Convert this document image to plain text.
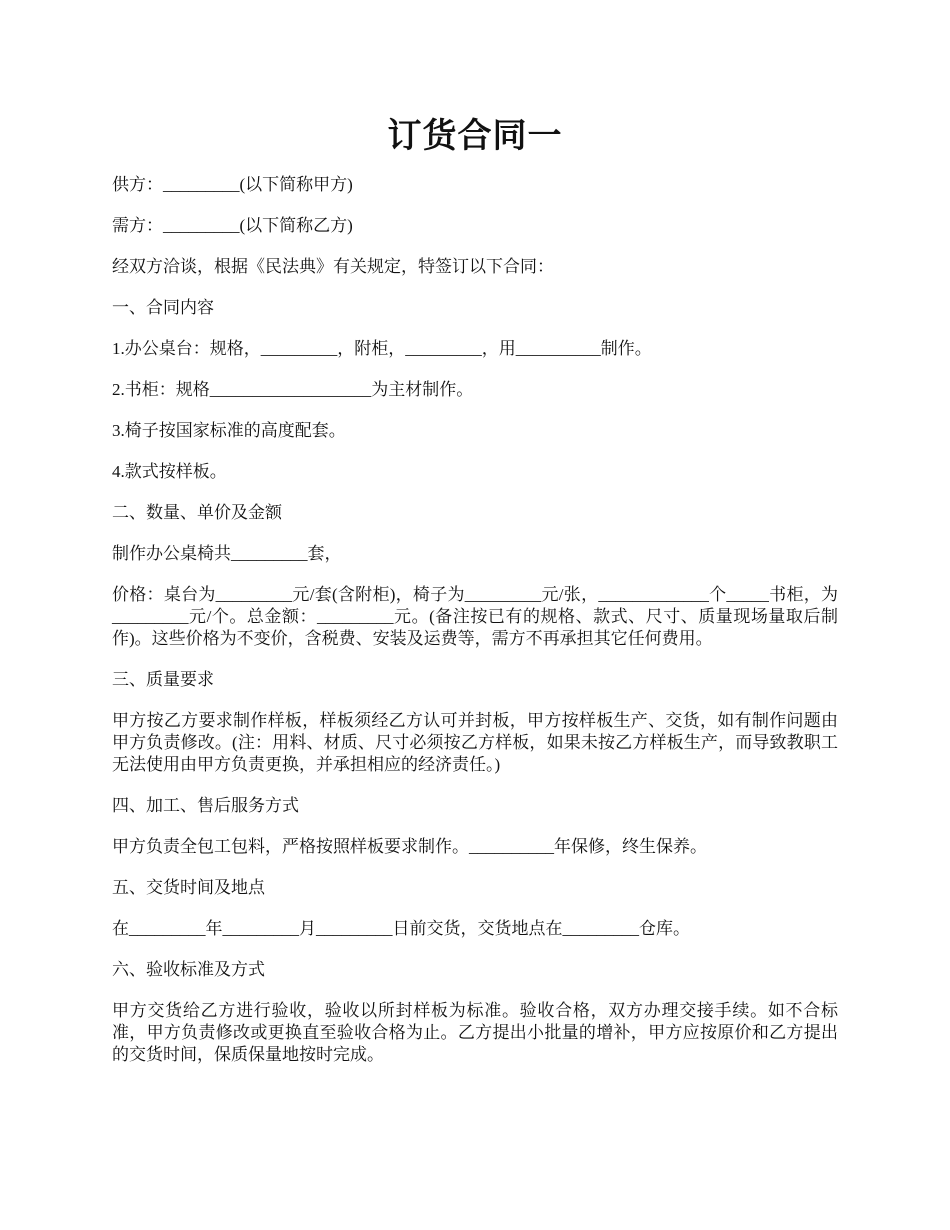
订货合同一

供方：_________(以下简称甲方)

需方：_________(以下简称乙方)

经双方洽谈，根据《民法典》有关规定，特签订以下合同：

一、合同内容

1.办公桌台：规格，_________，附柜，_________，用__________制作。

2.书柜：规格___________________为主材制作。

3.椅子按国家标准的高度配套。

4.款式按样板。

二、数量、单价及金额

制作办公桌椅共_________套，

价格：桌台为_________元/套(含附柜)，椅子为_________元/张，_____________个_____书柜，为_________元/个。总金额：_________元。(备注按已有的规格、款式、尺寸、质量现场量取后制作)。这些价格为不变价，含税费、安装及运费等，需方不再承担其它任何费用。

三、质量要求

甲方按乙方要求制作样板，样板须经乙方认可并封板，甲方按样板生产、交货，如有制作问题由甲方负责修改。(注：用料、材质、尺寸必须按乙方样板，如果未按乙方样板生产，而导致教职工无法使用由甲方负责更换，并承担相应的经济责任。)

四、加工、售后服务方式

甲方负责全包工包料，严格按照样板要求制作。__________年保修，终生保养。

五、交货时间及地点

在_________年_________月_________日前交货，交货地点在_________仓库。

六、验收标准及方式

甲方交货给乙方进行验收，验收以所封样板为标准。验收合格，双方办理交接手续。如不合标准，甲方负责修改或更换直至验收合格为止。乙方提出小批量的增补，甲方应按原价和乙方提出的交货时间，保质保量地按时完成。
